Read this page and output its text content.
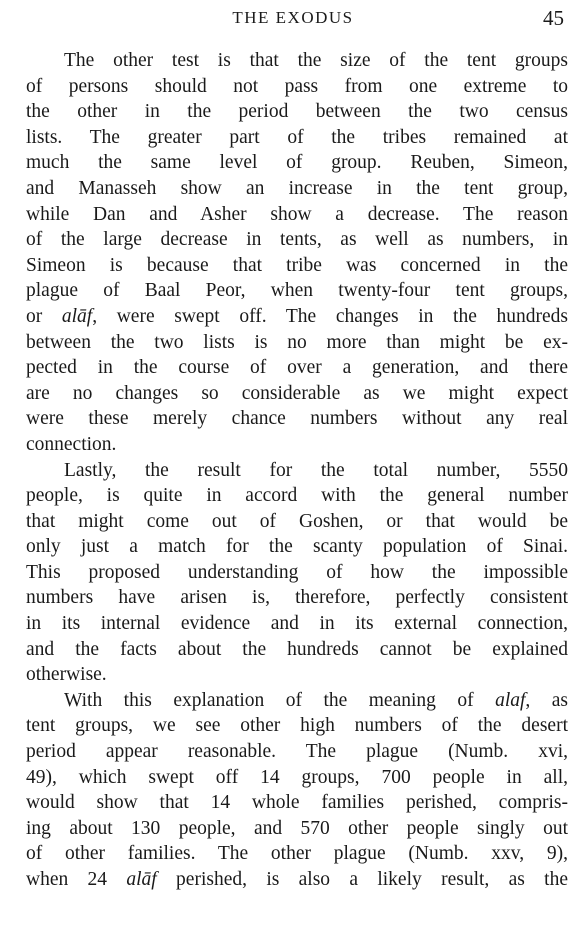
THE EXODUS	45
The other test is that the size of the tent groups
of persons should not pass from one extreme to
the other in the period between the two census
lists. The greater part of the tribes remained at
much the same level of group. Reuben, Simeon,
and Manasseh show an increase in the tent group,
while Dan and Asher show a decrease. The reason
of the large decrease in tents, as well as numbers, in
Simeon is because that tribe was concerned in the
plague of Baal Peor, when twenty-four tent groups,
or alāf, were swept off. The changes in the hundreds
between the two lists is no more than might be ex-
pected in the course of over a generation, and there
are no changes so considerable as we might expect
were these merely chance numbers without any real
connection.
Lastly, the result for the total number, 5550
people, is quite in accord with the general number
that might come out of Goshen, or that would be
only just a match for the scanty population of Sinai.
This proposed understanding of how the impossible
numbers have arisen is, therefore, perfectly consistent
in its internal evidence and in its external connection,
and the facts about the hundreds cannot be explained
otherwise.
With this explanation of the meaning of alaf, as
tent groups, we see other high numbers of the desert
period appear reasonable. The plague (Numb. xvi,
49), which swept off 14 groups, 700 people in all,
would show that 14 whole families perished, compris-
ing about 130 people, and 570 other people singly out
of other families. The other plague (Numb. xxv, 9),
when 24 alāf perished, is also a likely result, as the
